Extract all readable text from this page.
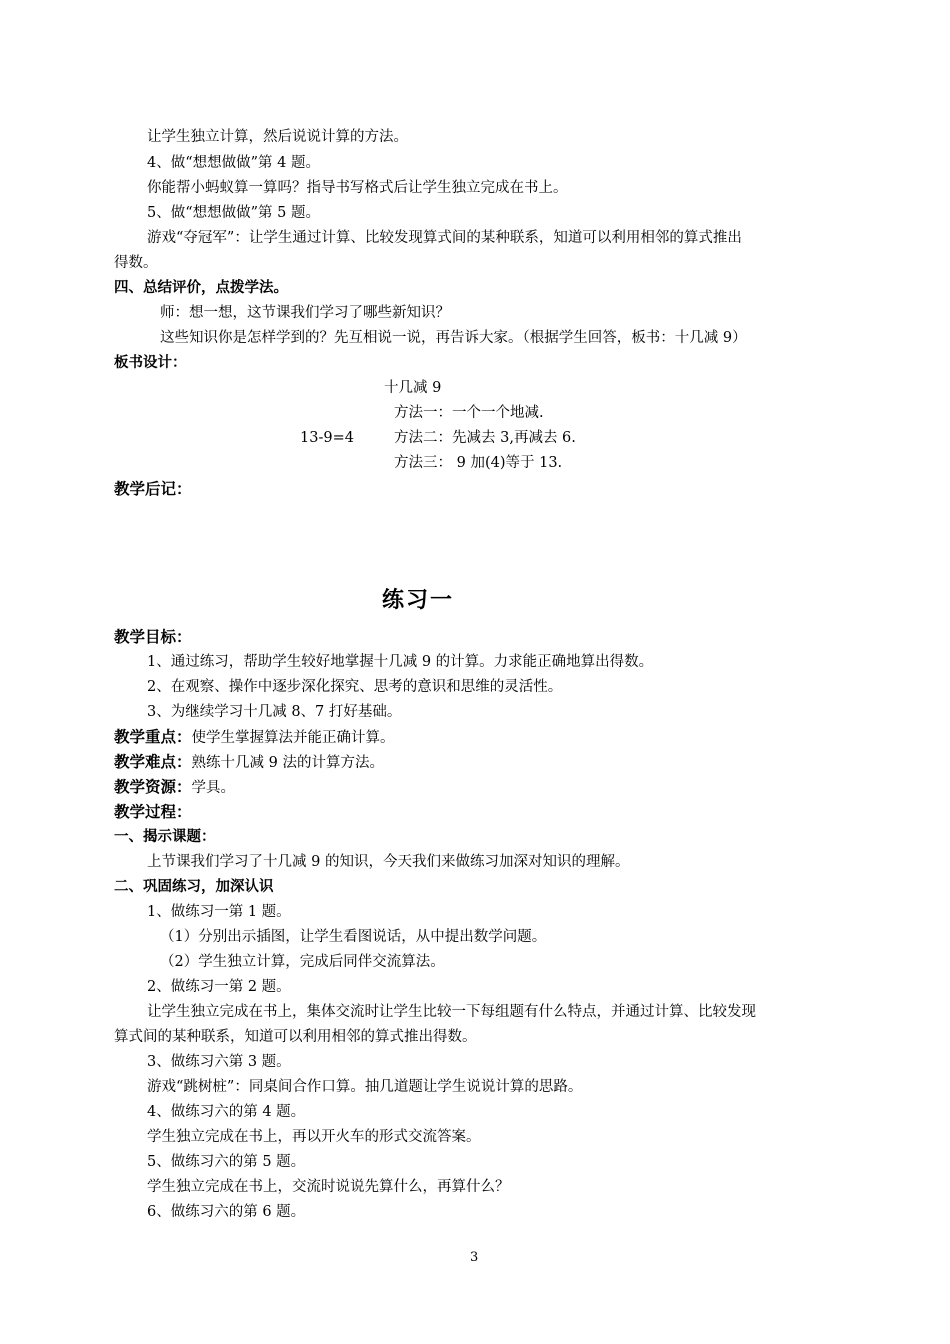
让学生独立计算，然后说说计算的方法。
4、做“想想做做”第 4 题。
你能帮小蚂蚁算一算吗？指导书写格式后让学生独立完成在书上。
5、做“想想做做”第 5 题。
游戏“夺冠军”：让学生通过计算、比较发现算式间的某种联系，知道可以利用相邻的算式推出
得数。
四、总结评价，点拨学法。
师：想一想，这节课我们学习了哪些新知识？
这些知识你是怎样学到的？先互相说一说，再告诉大家。（根据学生回答，板书：十几减 9）
板书设计：
十几减 9
方法一：一个一个地减.
13-9=4	方法二：先减去 3,再减去 6.
方法三： 9 加(4)等于 13.
教学后记：
练习一
教学目标：
1、通过练习，帮助学生较好地掌握十几减 9 的计算。力求能正确地算出得数。
2、在观察、操作中逐步深化探究、思考的意识和思维的灵活性。
3、为继续学习十几减 8、7 打好基础。
教学重点：使学生掌握算法并能正确计算。
教学难点：熟练十几减 9 法的计算方法。
教学资源：学具。
教学过程：
一、揭示课题：
上节课我们学习了十几减 9 的知识，今天我们来做练习加深对知识的理解。
二、巩固练习，加深认识
1、做练习一第 1 题。
（1）分别出示插图，让学生看图说话，从中提出数学问题。
（2）学生独立计算，完成后同伴交流算法。
2、做练习一第 2 题。
让学生独立完成在书上，集体交流时让学生比较一下每组题有什么特点，并通过计算、比较发现
算式间的某种联系，知道可以利用相邻的算式推出得数。
3、做练习六第 3 题。
游戏“跳树桩”：同桌间合作口算。抽几道题让学生说说计算的思路。
4、做练习六的第 4 题。
学生独立完成在书上，再以开火车的形式交流答案。
5、做练习六的第 5 题。
学生独立完成在书上，交流时说说先算什么，再算什么？
6、做练习六的第 6 题。
3
